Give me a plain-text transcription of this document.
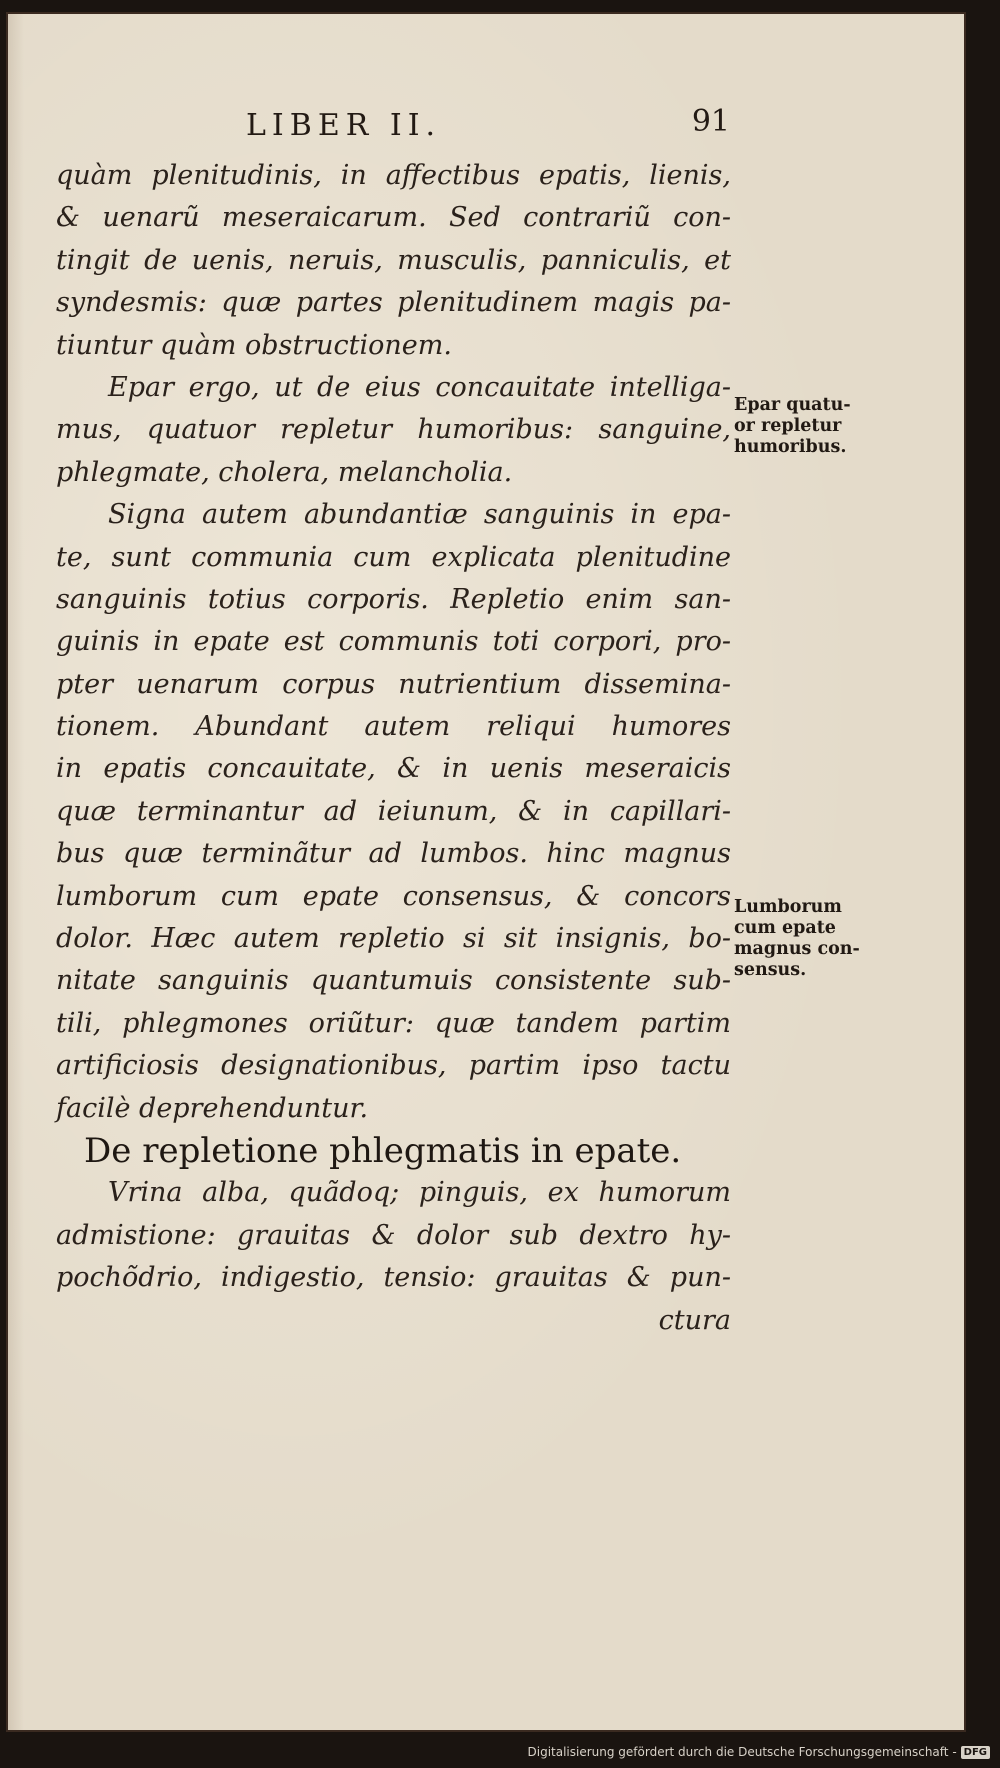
LIBER II.	91
quàm plenitudinis, in affectibus epatis, lienis,
& uenarũ meseraicarum. Sed contrariũ con-
tingit de uenis, neruis, musculis, panniculis, et
syndesmis: quæ partes plenitudinem magis pa-
tiuntur quàm obstructionem.
Epar ergo, ut de eius concauitate intelliga-
mus, quatuor repletur humoribus: sanguine,
phlegmate, cholera, melancholia.
Signa autem abundantiæ sanguinis in epa-
te, sunt communia cum explicata plenitudine
sanguinis totius corporis. Repletio enim san-
guinis in epate est communis toti corpori, pro-
pter uenarum corpus nutrientium dissemina-
tionem. Abundant autem reliqui humores
in epatis concauitate, & in uenis meseraicis
quæ terminantur ad ieiunum, & in capillari-
bus quæ terminãtur ad lumbos. hinc magnus
lumborum cum epate consensus, & concors
dolor. Hæc autem repletio si sit insignis, bo-
nitate sanguinis quantumuis consistente sub-
tili, phlegmones oriũtur: quæ tandem partim
artificiosis designationibus, partim ipso tactu
facilè deprehenduntur.
De repletione phlegmatis in epate.
Vrina alba, quãdoq; pinguis, ex humorum
admistione: grauitas & dolor sub dextro hy-
pochõdrio, indigestio, tensio: grauitas & pun-
ctura
Epar quatu-
or repletur
humoribus.
Lumborum
cum epate
magnus con-
sensus.
Digitalisierung gefördert durch die Deutsche Forschungsgemeinschaft - DFG
